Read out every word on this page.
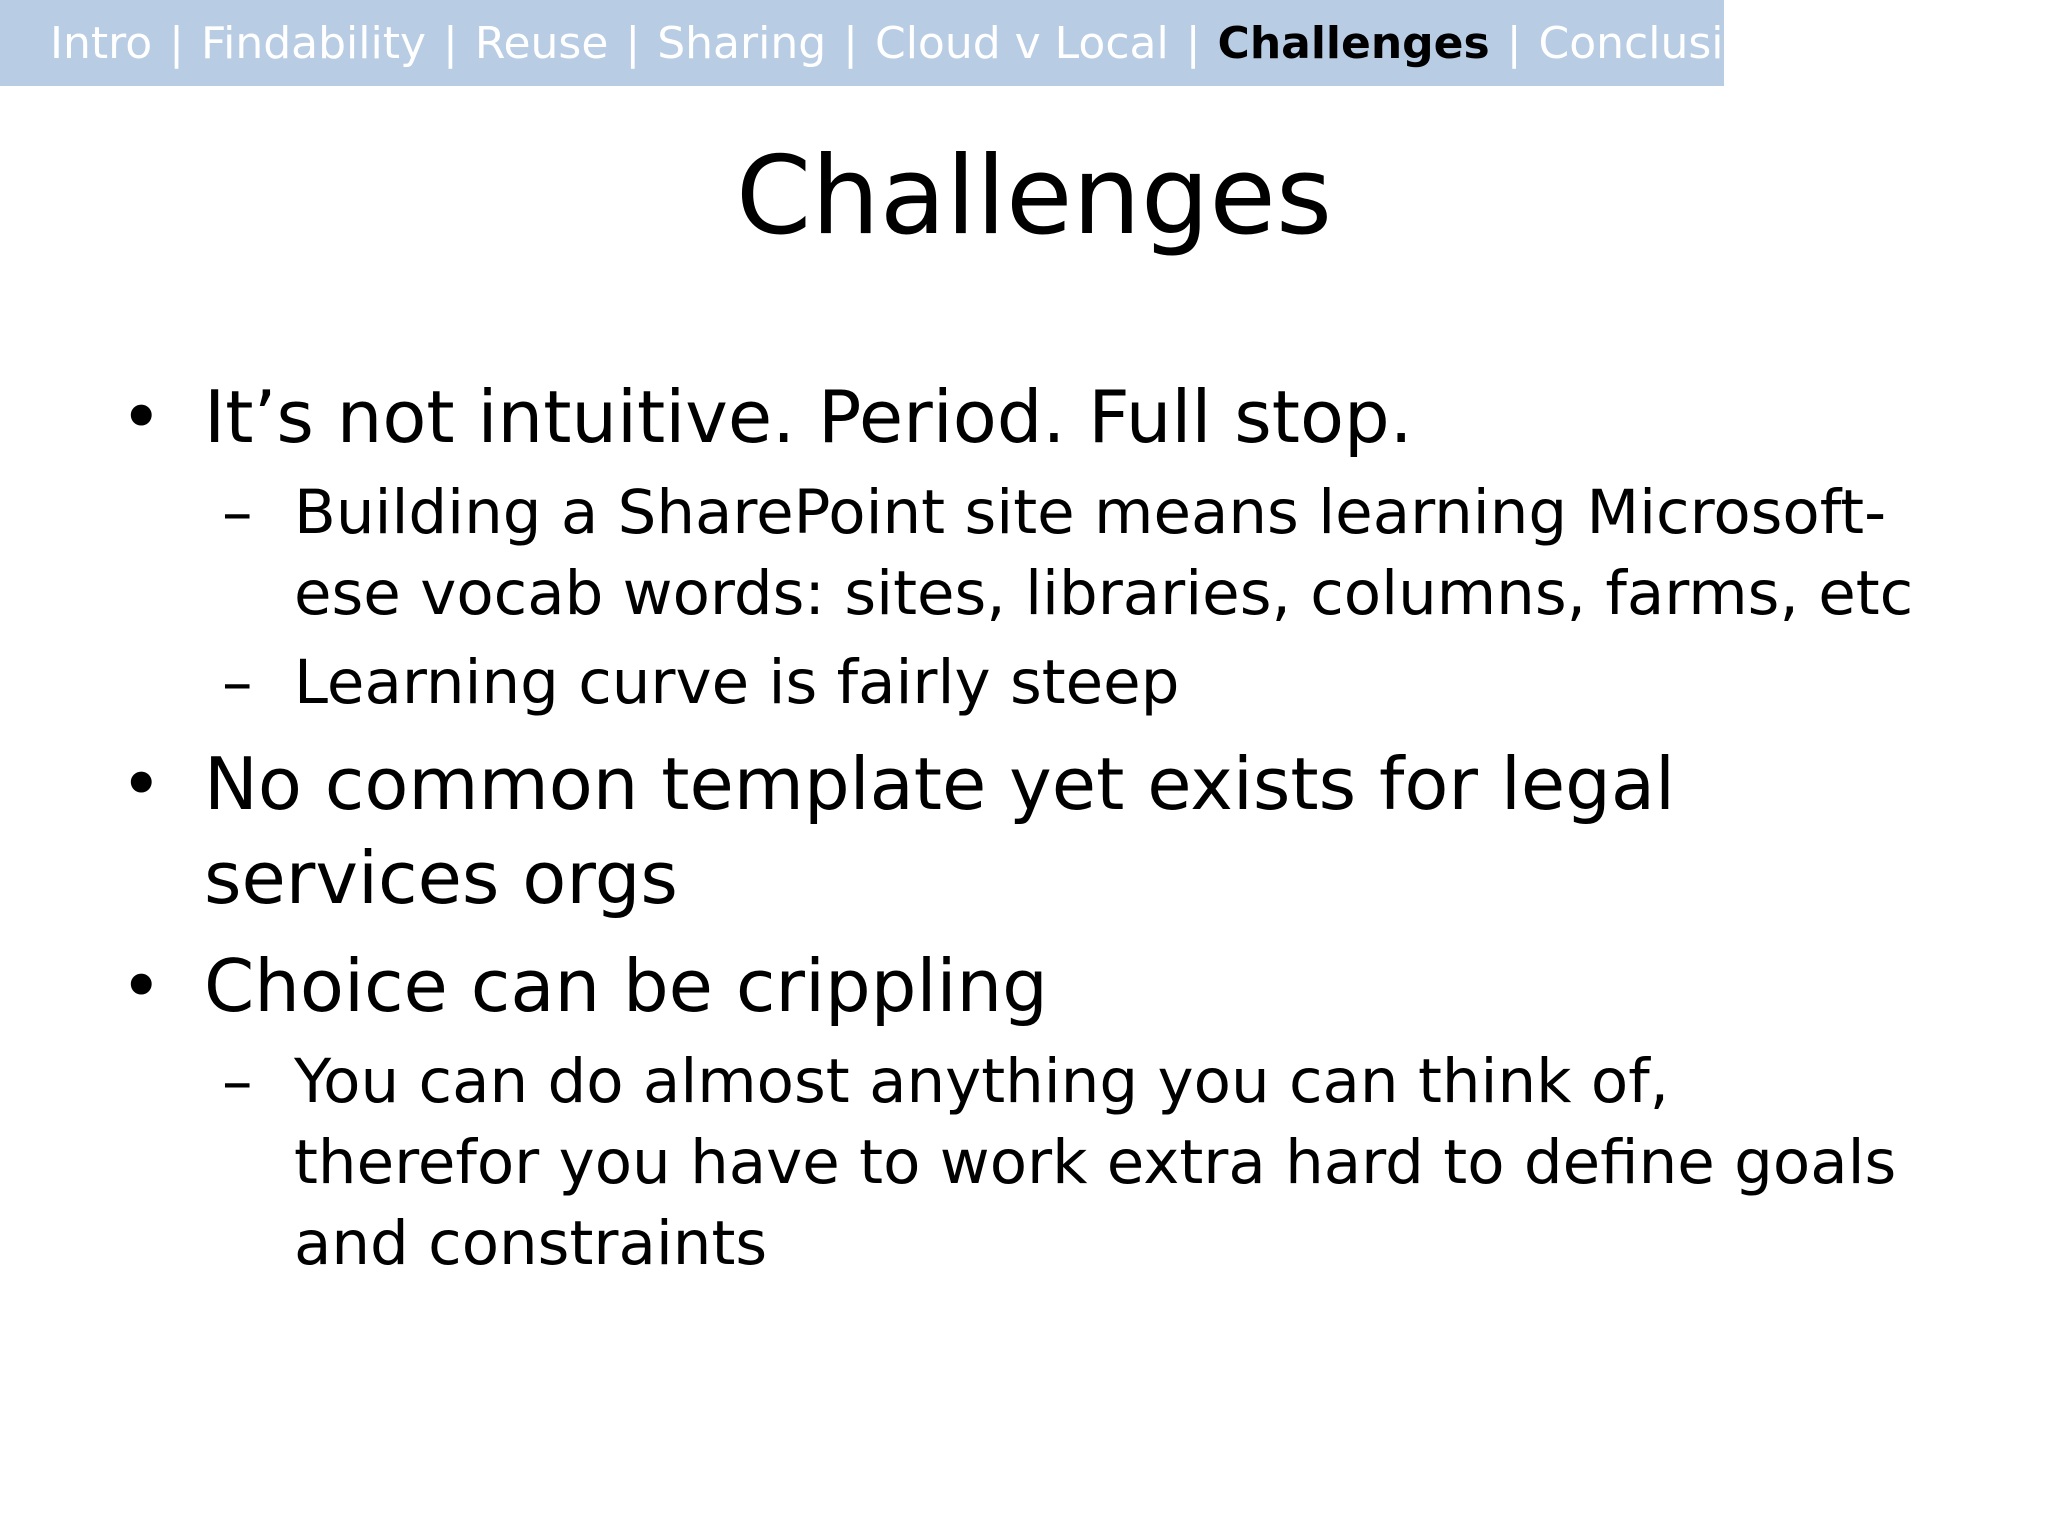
Intro | Findability | Reuse | Sharing | Cloud v Local | Challenges | Conclusion
Challenges
• It’s not intuitive. Period. Full stop.
– Building a SharePoint site means learning Microsoft-ese vocab words: sites, libraries, columns, farms, etc
– Learning curve is fairly steep
• No common template yet exists for legal services orgs
• Choice can be crippling
– You can do almost anything you can think of, therefor you have to work extra hard to define goals and constraints
